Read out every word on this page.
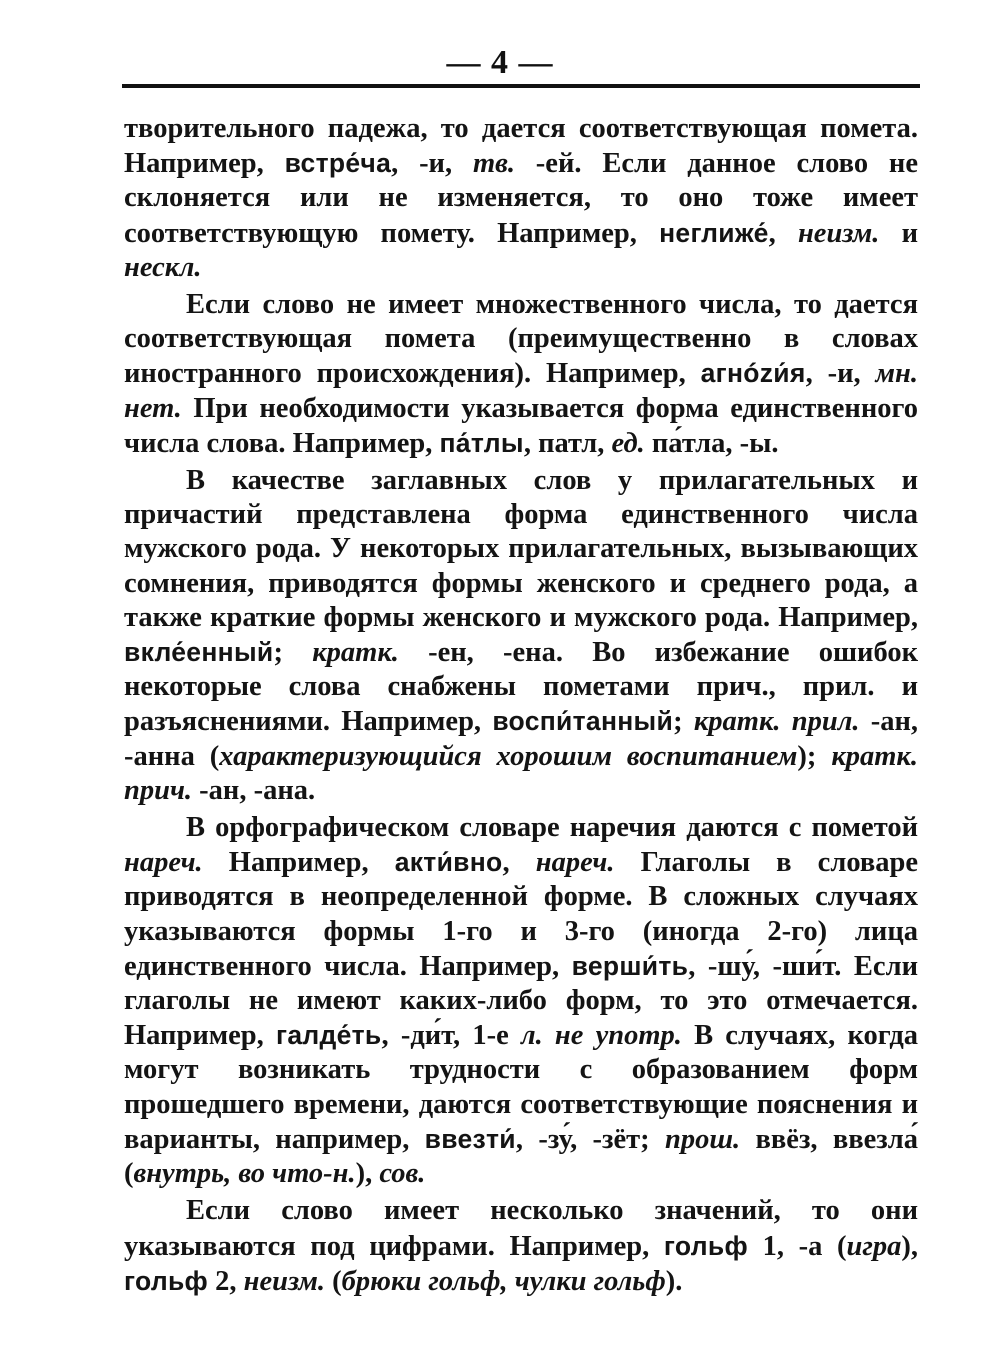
— 4 —

творительного падежа, то дается соответствующая помета. Например, встре́ча, -и, тв. -ей. Если данное слово не склоняется или не изменяется, то оно тоже имеет соответствующую помету. Например, неглиже́, неизм. и нескл.

Если слово не имеет множественного числа, то дается соответствующая помета (преимущественно в словах иностранного происхождения). Например, агнózи́я, -и, мн. нет. При необходимости указывается форма единственного числа слова. Например, па́тлы, патл, ед. па́тла, -ы.

В качестве заглавных слов у прилагательных и причастий представлена форма единственного числа мужского рода. У некоторых прилагательных, вызывающих сомнения, приводятся формы женского и среднего рода, а также краткие формы женского и мужского рода. Например, вкле́енный; кратк. -ен, -ена. Во избежание ошибок некоторые слова снабжены пометами прич., прил. и разъяснениями. Например, воспи́танный; кратк. прил. -ан, -анна (характеризующийся хорошим воспитанием); кратк. прич. -ан, -ана.

В орфографическом словаре наречия даются с пометой нареч. Например, акти́вно, нареч. Глаголы в словаре приводятся в неопределенной форме. В сложных случаях указываются формы 1-го и 3-го (иногда 2-го) лица единственного числа. Например, верши́ть, -шу́, -ши́т. Если глаголы не имеют каких-либо форм, то это отмечается. Например, галде́ть, -ди́т, 1-е л. не употр. В случаях, когда могут возникать трудности с образованием форм прошедшего времени, даются соответствующие пояснения и варианты, например, ввезти́, -зу́, -зёт; прош. ввёз, ввезла́ (внутрь, во что-н.), сов.

Если слово имеет несколько значений, то они указываются под цифрами. Например, гольф 1, -а (игра), гольф 2, неизм. (брюки гольф, чулки гольф).
